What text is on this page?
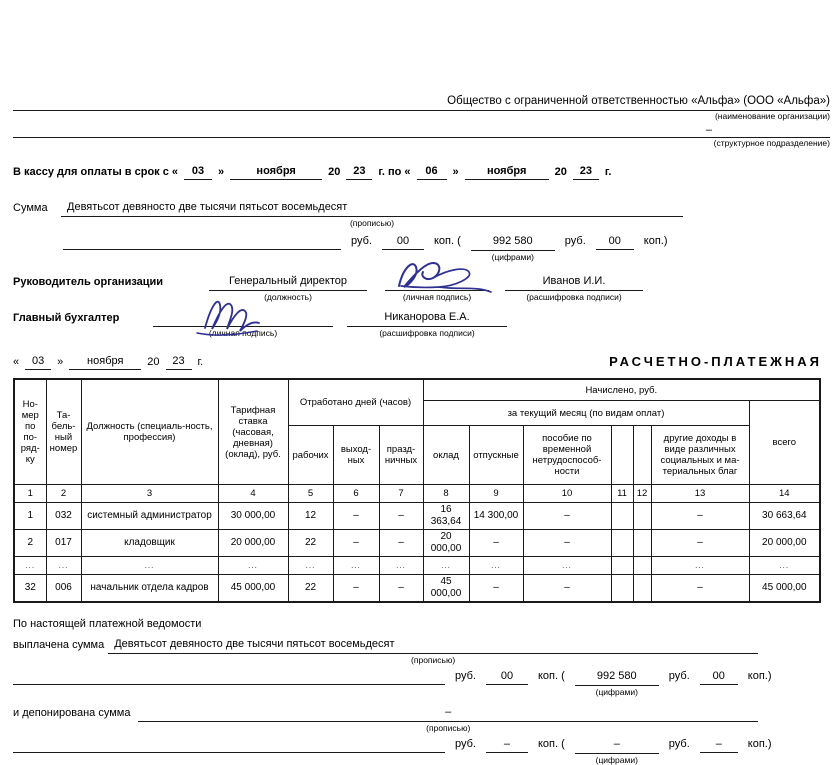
Общество с ограниченной ответственностью «Альфа» (ООО «Альфа»)
(наименование организации)
–
(структурное подразделение)
В кассу для оплаты в срок с «	03	»	ноября	20	23	г. по «	06	»	ноября	20	23	г.
Сумма	Девятьсот девяносто две тысячи пятьсот восемьдесят
(прописью)
руб.	00	коп. (	992 580
(цифрами)
руб.	00	коп.)
Руководитель организации	Генеральный директор
(должность)	(личная подпись)
Иванов И.И.
(расшифровка подписи)
Главный бухгалтер
(личная подпись)
Никанорова Е.А.
(расшифровка подписи)
«	03	»	ноября	20	23	г.	РАСЧЕТНО-ПЛАТЕЖНАЯ
Но-мер по по-ряд-ку	Та-бель-ный номер	Должность (специаль-ность, профессия)	Тарифная ставка (часовая, дневная) (оклад), руб.	Отработано дней (часов)			Начислено, руб.						
							за текущий месяц (по видам оплат)						всего
				рабочих	выход-ных	празд-ничных	оклад	отпускные	пособие по временной нетрудоспособ-ности			другие доходы в виде различных социальных и ма-териальных благ	
1	2	3	4	5	6	7	8	9	10	11	12	13	14
1	032	системный администратор	30 000,00	12	–	–	16 363,64	14 300,00	–			–	30 663,64
2	017	кладовщик	20 000,00	22	–	–	20 000,00	–	–			–	20 000,00
...	...	...	...	...	...	...	...	...	...			...	...
32	006	начальник отдела кадров	45 000,00	22	–	–	45 000,00	–	–			–	45 000,00
По настоящей платежной ведомости
выплачена сумма Девятьсот девяносто две тысячи пятьсот восемьдесят
(прописью)
руб.	00	коп. (	992 580
(цифрами)
руб.	00	коп.)
и депонирована сумма	–
(прописью)
руб.	–	коп. (	–
(цифрами)
руб.	–	коп.)
